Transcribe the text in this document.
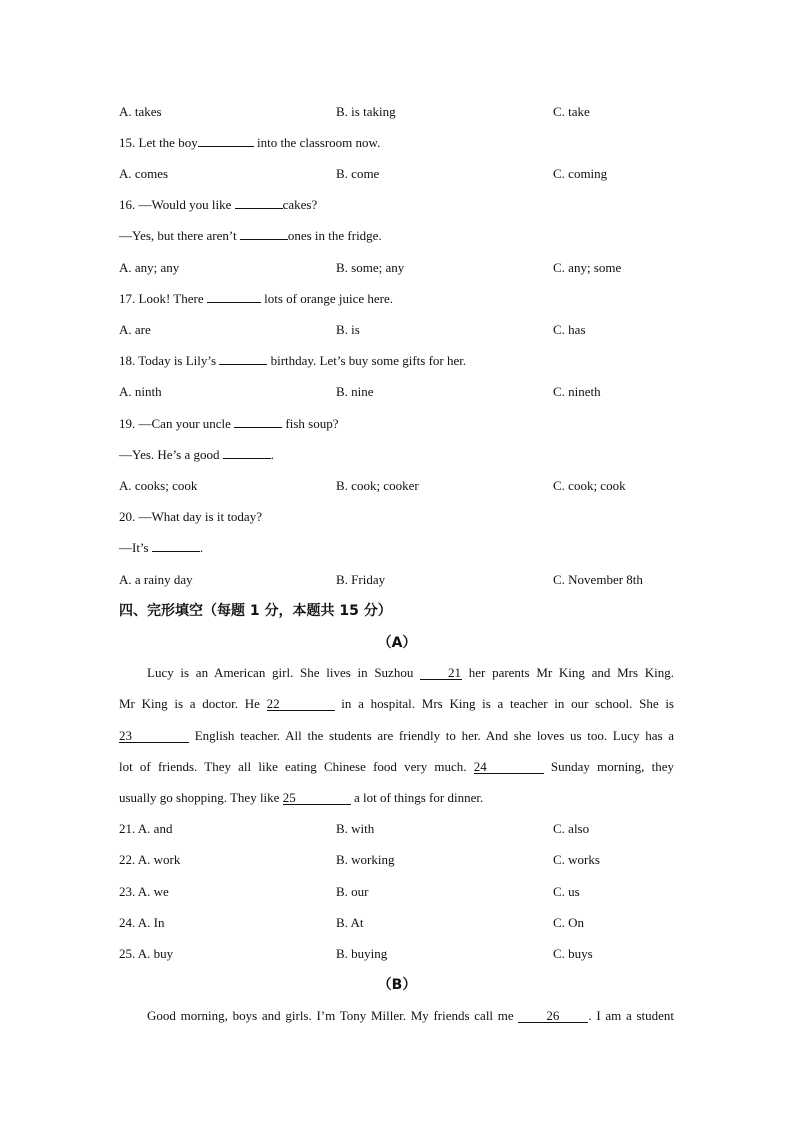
A. takes	B. is taking	C. take
15. Let the boy	into the classroom now.
A. comes	B. come	C. coming
16. —Would you like	cakes?
—Yes, but there aren’t	ones in the fridge.
A. any; any	B. some; any	C. any; some
17. Look! There	lots of orange juice here.
A. are	B. is	C. has
18. Today is Lily’s	birthday. Let’s buy some gifts for her.
A. ninth	B. nine	C. nineth
19. —Can your uncle	fish soup?
—Yes. He’s a good	.
A. cooks; cook	B. cook; cooker	C. cook; cook
20. —What day is it today?
—It’s	.
A. a rainy day	B. Friday	C. November 8th
四、完形填空（每题 1 分，本题共 15 分）
（A）
Lucy is an American girl. She lives in Suzhou 21 her parents Mr King and Mrs King.
Mr King is a doctor. He 22	in a hospital. Mrs King is a teacher in our school. She is
23	English teacher. All the students are friendly to her. And she loves us too. Lucy has a
lot of friends. They all like eating Chinese food very much. 24	Sunday morning, they
usually go shopping. They like 25	a lot of things for dinner.
21. A. and	B. with	C. also
22. A. work	B. working	C. works
23. A. we	B. our	C. us
24. A. In	B. At	C. On
25. A. buy	B. buying	C. buys
（B）
Good morning, boys and girls. I’m Tony Miller. My friends call me 26 . I am a student
